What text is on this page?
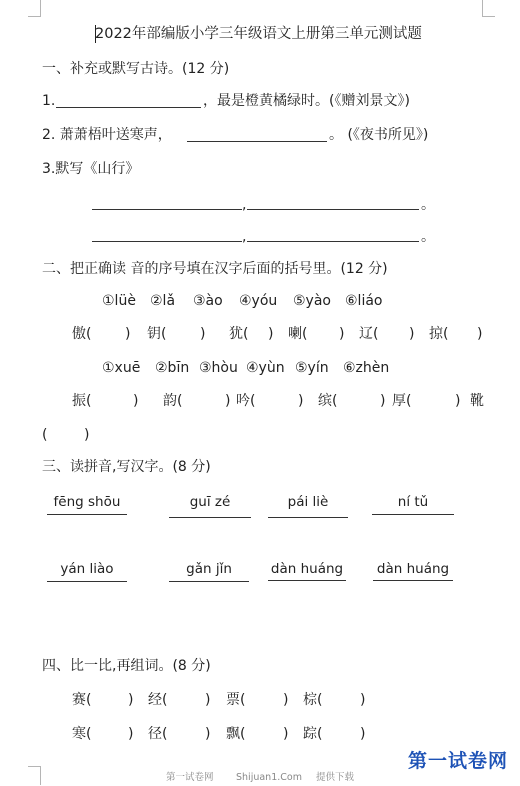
2022年部编版小学三年级语文上册第三单元测试题
一、补充或默写古诗。(12 分)
1.	，最是橙黄橘绿时。(《赠刘景文》)
2. 萧萧梧叶送寒声，	。 (《夜书所见》)
3.默写《山行》
,	。
,	。
二、把正确读 音的序号填在汉字后面的括号里。(12 分)
①lüè ②lǎ ③ào ④yóu ⑤yào ⑥liáo
傲( ) 钥( ) 犹( ) 喇( ) 辽( ) 掠( )
①xuē ②bīn ③hòu ④yùn ⑤yín ⑥zhèn
振(	) 韵(	) 吟(	) 缤(	) 厚(	) 靴
(	)
三、读拼音,写汉字。(8 分)
fēng shōu	guī zé	pái liè	ní tǔ
yán liào	gǎn jǐn	dàn huáng	dàn huáng
四、比一比,再组词。(8 分)
赛(	) 经(	) 票(	) 棕(	)
寒(	) 径(	) 飘(	) 踪(	)
第一试卷网 Shijuan1.Com 提供下载
第一试卷网
